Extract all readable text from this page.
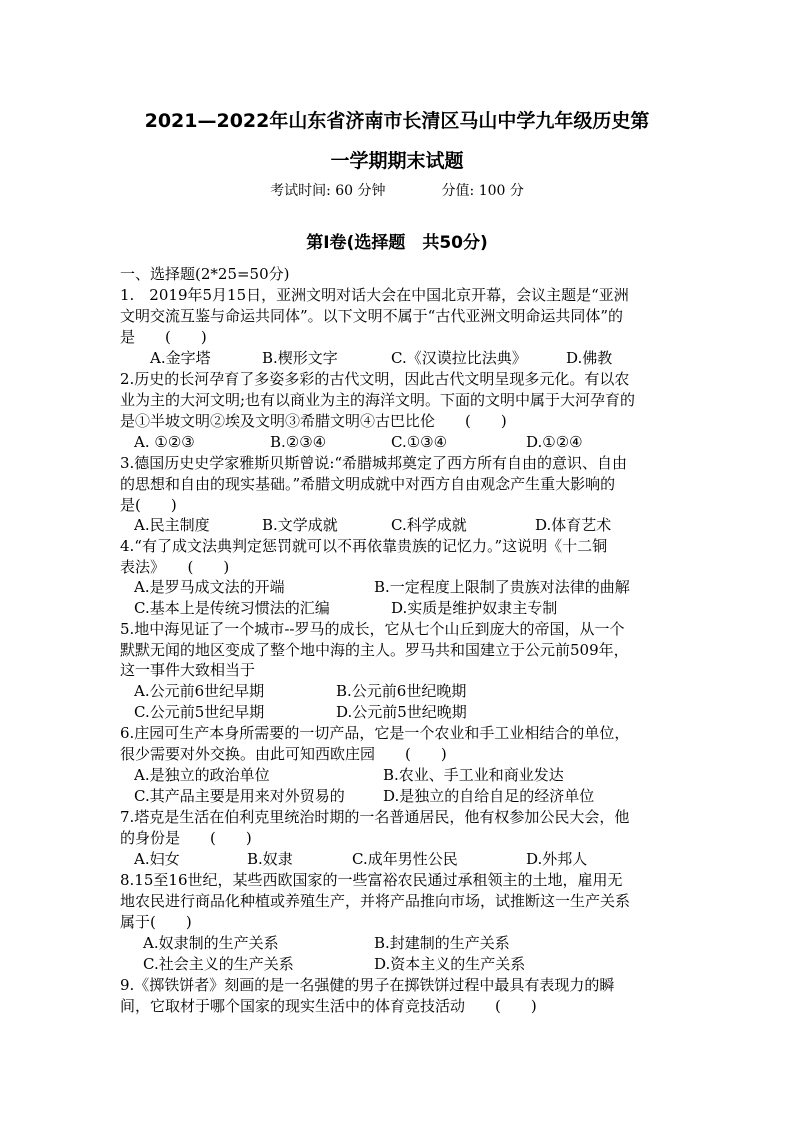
2021—2022年山东省济南市长清区马山中学九年级历史第
一学期期末试题
考试时间: 60 分钟	分值: 100 分
第Ⅰ卷(选择题　共50分)
一、选择题(2*25=50分)
1.　2019年5月15日，亚洲文明对话大会在中国北京开幕，会议主题是“亚洲
文明交流互鉴与命运共同体”。以下文明不属于“古代亚洲文明命运共同体”的
是　　(　　)
A.金字塔	B.楔形文字	C.《汉谟拉比法典》	D.佛教
2.历史的长河孕育了多姿多彩的古代文明，因此古代文明呈现多元化。有以农
业为主的大河文明;也有以商业为主的海洋文明。下面的文明中属于大河孕育的
是①半坡文明②埃及文明③希腊文明④古巴比伦　　(　　)
A. ①②③	B.②③④	C.①③④	D.①②④
3.德国历史史学家雅斯贝斯曾说:“希腊城邦奠定了西方所有自由的意识、自由
的思想和自由的现实基础。”希腊文明成就中对西方自由观念产生重大影响的
是(　　)
A.民主制度	B.文学成就	C.科学成就	D.体育艺术
4.“有了成文法典判定惩罚就可以不再依靠贵族的记忆力。”这说明《十二铜
表法》　　(　　)
A.是罗马成文法的开端	B.一定程度上限制了贵族对法律的曲解
C.基本上是传统习惯法的汇编	D.实质是维护奴隶主专制
5.地中海见证了一个城市--罗马的成长，它从七个山丘到庞大的帝国，从一个
默默无闻的地区变成了整个地中海的主人。罗马共和国建立于公元前509年，
这一事件大致相当于
A.公元前6世纪早期	B.公元前6世纪晚期
C.公元前5世纪早期	D.公元前5世纪晚期
6.庄园可生产本身所需要的一切产品，它是一个农业和手工业相结合的单位，
很少需要对外交换。由此可知西欧庄园　　(　　)
A.是独立的政治单位	B.农业、手工业和商业发达
C.其产品主要是用来对外贸易的	D.是独立的自给自足的经济单位
7.塔克是生活在伯利克里统治时期的一名普通居民，他有权参加公民大会，他
的身份是　　(　　)
A.妇女	B.奴隶	C.成年男性公民	D.外邦人
8.15至16世纪，某些西欧国家的一些富裕农民通过承租领主的土地，雇用无
地农民进行商品化种植或养殖生产，并将产品推向市场，试推断这一生产关系
属于(　　)
A.奴隶制的生产关系	B.封建制的生产关系
C.社会主义的生产关系	D.资本主义的生产关系
9.《掷铁饼者》刻画的是一名强健的男子在掷铁饼过程中最具有表现力的瞬
间，它取材于哪个国家的现实生活中的体育竞技活动　　(　　)
